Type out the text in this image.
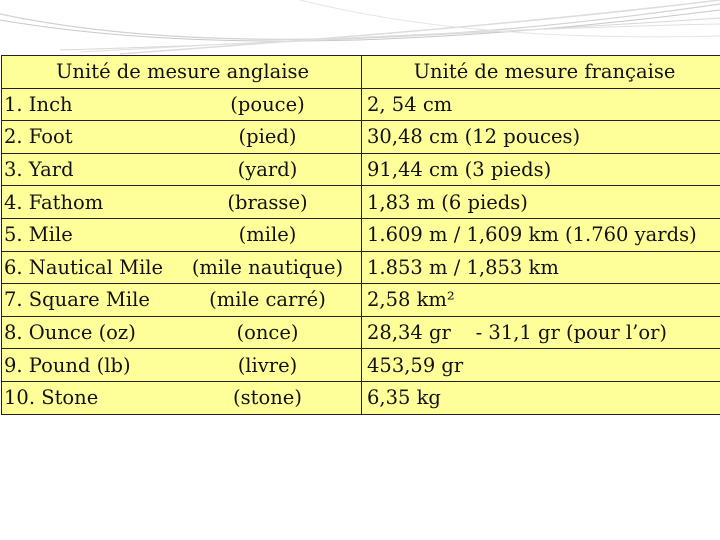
Unité de mesure anglaise	Unité de mesure française

1. Inch (pouce)	2, 54 cm

2. Foot (pied)	30,48 cm (12 pouces)

3. Yard (yard)	91,44 cm (3 pieds)

4. Fathom (brasse)	1,83 m (6 pieds)

5. Mile (mile)	1.609 m / 1,609 km (1.760 yards)

6. Nautical Mile (mile nautique)	1.853 m / 1,853 km

7. Square Mile (mile carré)	2,58 km²

8. Ounce (oz) (once)	28,34 gr    - 31,1 gr (pour l’or)

9. Pound (lb) (livre)	453,59 gr

10. Stone (stone)	6,35 kg
